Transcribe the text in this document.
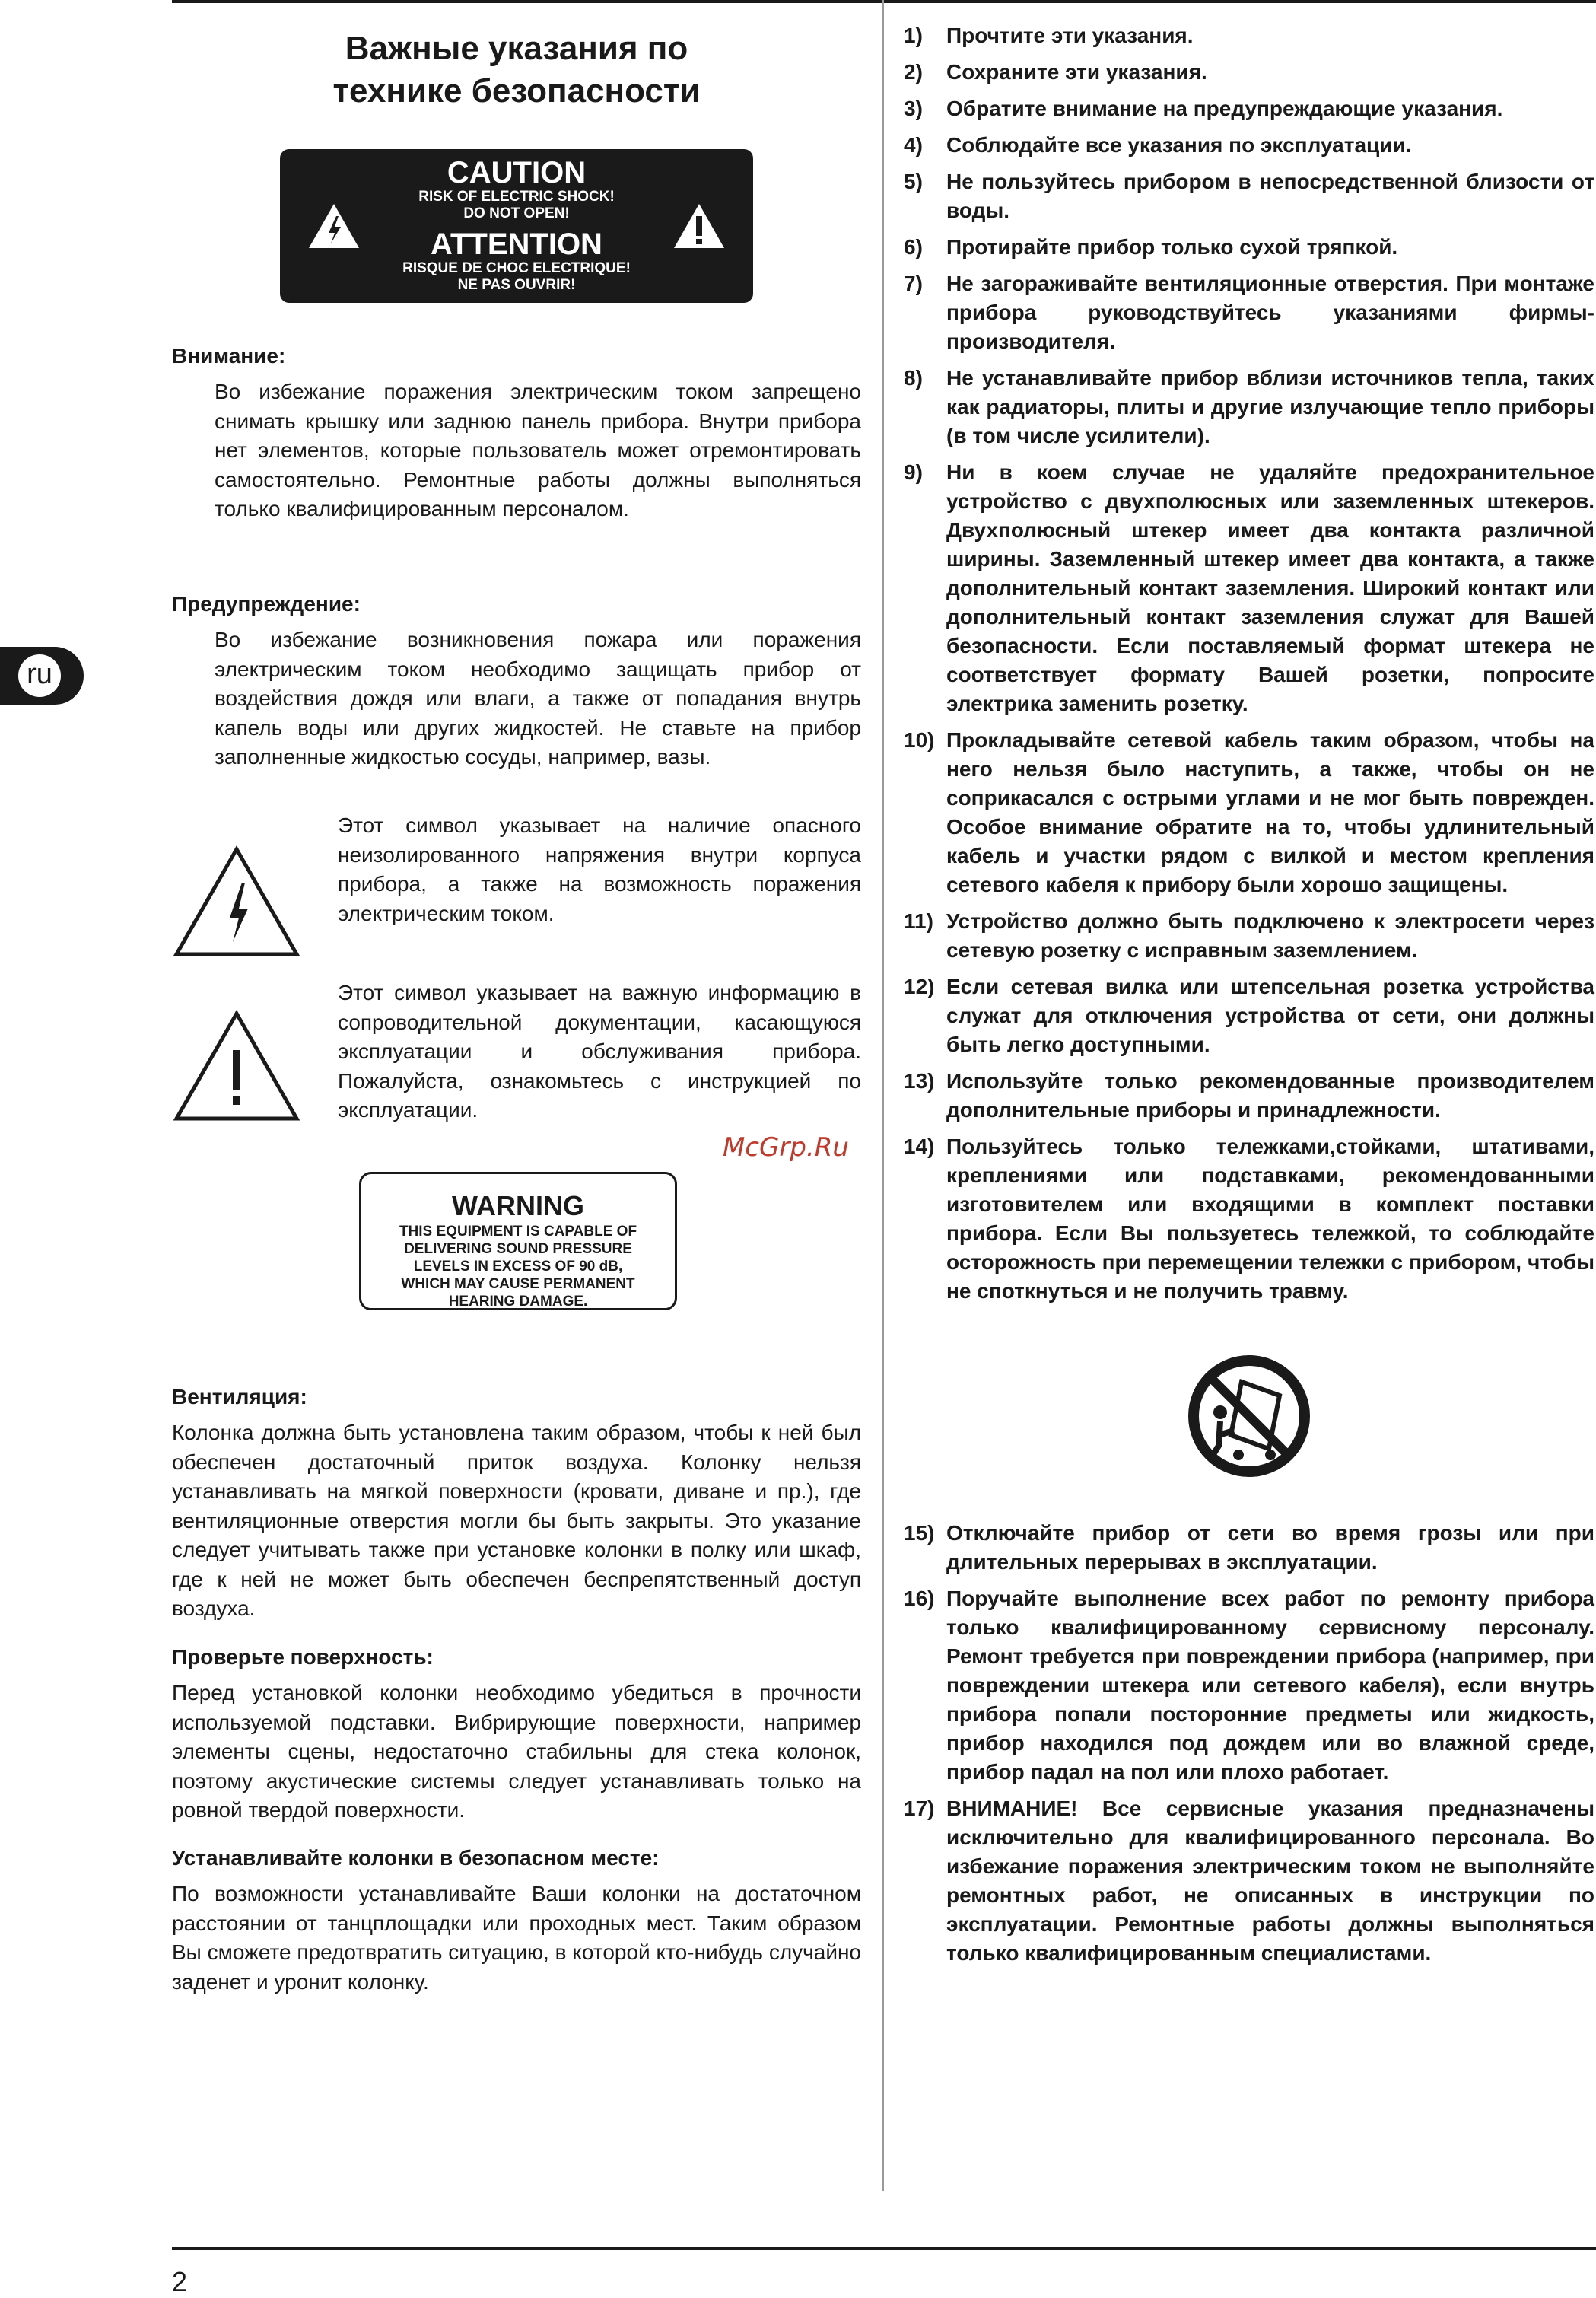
2
ru
Важные указания по
технике безопасности
CAUTION
RISK OF ELECTRIC SHOCK!
DO NOT OPEN!
ATTENTION
RISQUE DE CHOC ELECTRIQUE!
NE PAS OUVRIR!

Внимание:

Во избежание поражения электрическим током запрещено снимать крышку или заднюю панель прибора. Внутри прибора нет элементов, которые пользователь может отремонтировать самостоятельно. Ремонтные работы должны выполняться только квалифицированным персоналом.

Предупреждение:

Во избежание возникновения пожара или поражения электрическим током необходимо защищать прибор от воздействия дождя или влаги, а также от попадания внутрь капель воды или других жидкостей. Не ставьте на прибор заполненные жидкостью сосуды, например, вазы.

Этот символ указывает на наличие опасного неизолированного напряжения внутри корпуса прибора, а также на возможность поражения электрическим током.

Этот символ указывает на важную информацию в сопроводительной документации, касающуюся эксплуатации и обслуживания прибора. Пожалуйста, ознакомьтесь с инструкцией по эксплуатации.

WARNING
THIS EQUIPMENT IS CAPABLE OF DELIVERING SOUND PRESSURE LEVELS IN EXCESS OF 90 dB, WHICH MAY CAUSE PERMANENT HEARING DAMAGE.

Вентиляция:

Колонка должна быть установлена таким образом, чтобы к ней был обеспечен достаточный приток воздуха. Колонку нельзя устанавливать на мягкой поверхности (кровати, диване и пр.), где вентиляционные отверстия могли бы быть закрыты. Это указание следует учитывать также при установке колонки в полку или шкаф, где к ней не может быть обеспечен беспрепятственный доступ воздуха.

Проверьте поверхность:

Перед установкой колонки необходимо убедиться в прочности используемой подставки. Вибрирующие поверхности, например элементы сцены, недостаточно стабильны для стека колонок, поэтому акустические системы следует устанавливать только на ровной твердой поверхности.

Устанавливайте колонки в безопасном месте:

По возможности устанавливайте Ваши колонки на достаточном расстоянии от танцплощадки или проходных мест. Таким образом Вы сможете предотвратить ситуацию, в которой кто-нибудь случайно заденет и уронит колонку.

McGrp.Ru
1) Прочтите эти указания.
2) Сохраните эти указания.
3) Обратите внимание на предупреждающие указания.
4) Соблюдайте все указания по эксплуатации.
5) Не пользуйтесь прибором в непосредственной близости от воды.
6) Протирайте прибор только сухой тряпкой.
7) Не загораживайте вентиляционные отверстия. При монтаже прибора руководствуйтесь указаниями фирмы-производителя.
8) Не устанавливайте прибор вблизи источников тепла, таких как радиаторы, плиты и другие излучающие тепло приборы (в том числе усилители).
9) Ни в коем случае не удаляйте предохранительное устройство с двухполюсных или заземленных штекеров. Двухполюсный штекер имеет два контакта различной ширины. Заземленный штекер имеет два контакта, а также дополнительный контакт заземления. Широкий контакт или дополнительный контакт заземления служат для Вашей безопасности. Если поставляемый формат штекера не соответствует формату Вашей розетки, попросите электрика заменить розетку.
10) Прокладывайте сетевой кабель таким образом, чтобы на него нельзя было наступить, а также, чтобы он не соприкасался с острыми углами и не мог быть поврежден. Особое внимание обратите на то, чтобы удлинительный кабель и участки рядом с вилкой и местом крепления сетевого кабеля к прибору были хорошо защищены.
11) Устройство должно быть подключено к электросети через сетевую розетку с исправным заземлением.
12) Если сетевая вилка или штепсельная розетка устройства служат для отключения устройства от сети, они должны быть легко доступными.
13) Используйте только рекомендованные производителем дополнительные приборы и принадлежности.
14) Пользуйтесь только тележками,стойками, штативами, креплениями или подставками, рекомендованными изготовителем или входящими в комплект поставки прибора. Если Вы пользуетесь тележкой, то соблюдайте осторожность при перемещении тележки с прибором, чтобы не споткнуться и не получить травму.
15) Отключайте прибор от сети во время грозы или при длительных перерывах в эксплуатации.
16) Поручайте выполнение всех работ по ремонту прибора только квалифицированному сервисному персоналу. Ремонт требуется при повреждении прибора (например, при повреждении штекера или сетевого кабеля), если внутрь прибора попали посторонние предметы или жидкость, прибор находился под дождем или во влажной среде, прибор падал на пол или плохо работает.
17) ВНИМАНИЕ! Все сервисные указания предназначены исключительно для квалифицированного персонала. Во избежание поражения электрическим током не выполняйте ремонтных работ, не описанных в инструкции по эксплуатации. Ремонтные работы должны выполняться только квалифицированным специалистами.
